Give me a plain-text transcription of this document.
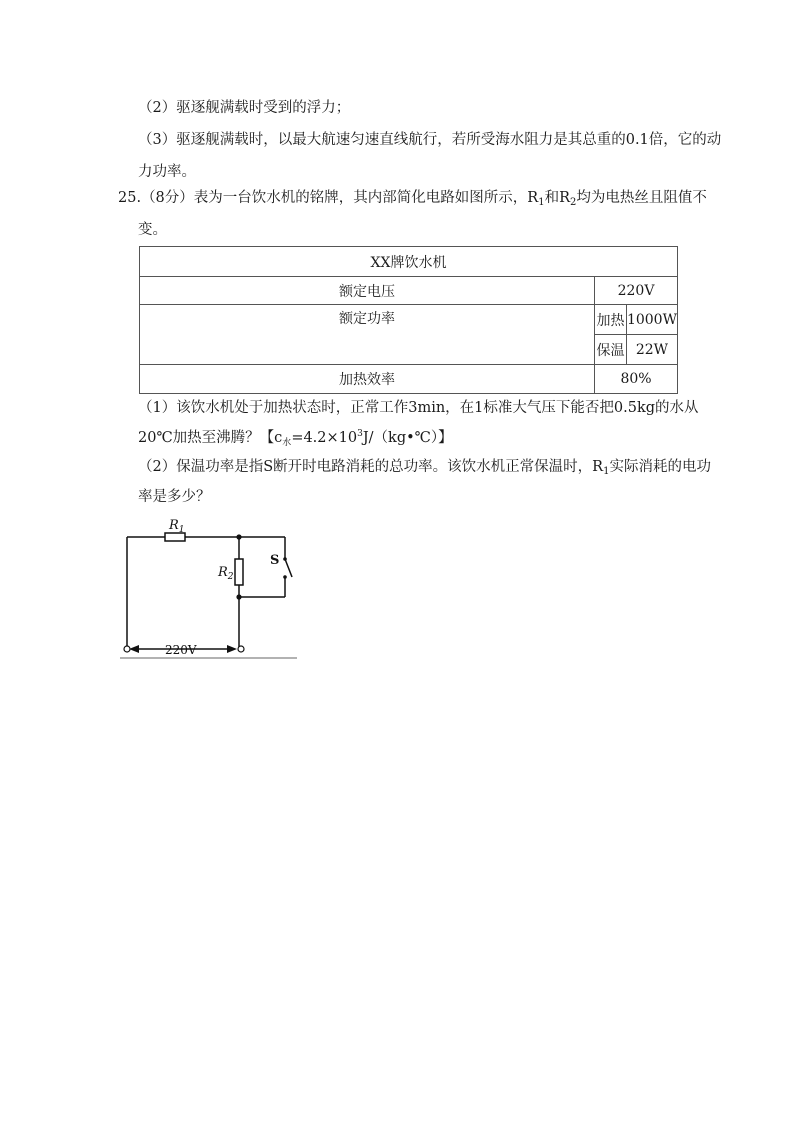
（2）驱逐舰满载时受到的浮力；
（3）驱逐舰满载时，以最大航速匀速直线航行，若所受海水阻力是其总重的0.1倍，它的动
力功率。
25.（8分）表为一台饮水机的铭牌，其内部简化电路如图所示，$R_1$和$R_2$均为电热丝且阻值不
变。
XX牌饮水机		
额定电压	220V	
额定功率	加热	1000W
	保温	22W
加热效率	80%	
（1）该饮水机处于加热状态时，正常工作3min，在1标准大气压下能否把0.5kg的水从
20℃加热至沸腾？【$c_水=4.2\times 10^3J/(kg•℃)$】
（2）保温功率是指S断开时电路消耗的总功率。该饮水机正常保温时，$R_1$实际消耗的电功
率是多少？
$R_1$
$R_2$
S
220V
